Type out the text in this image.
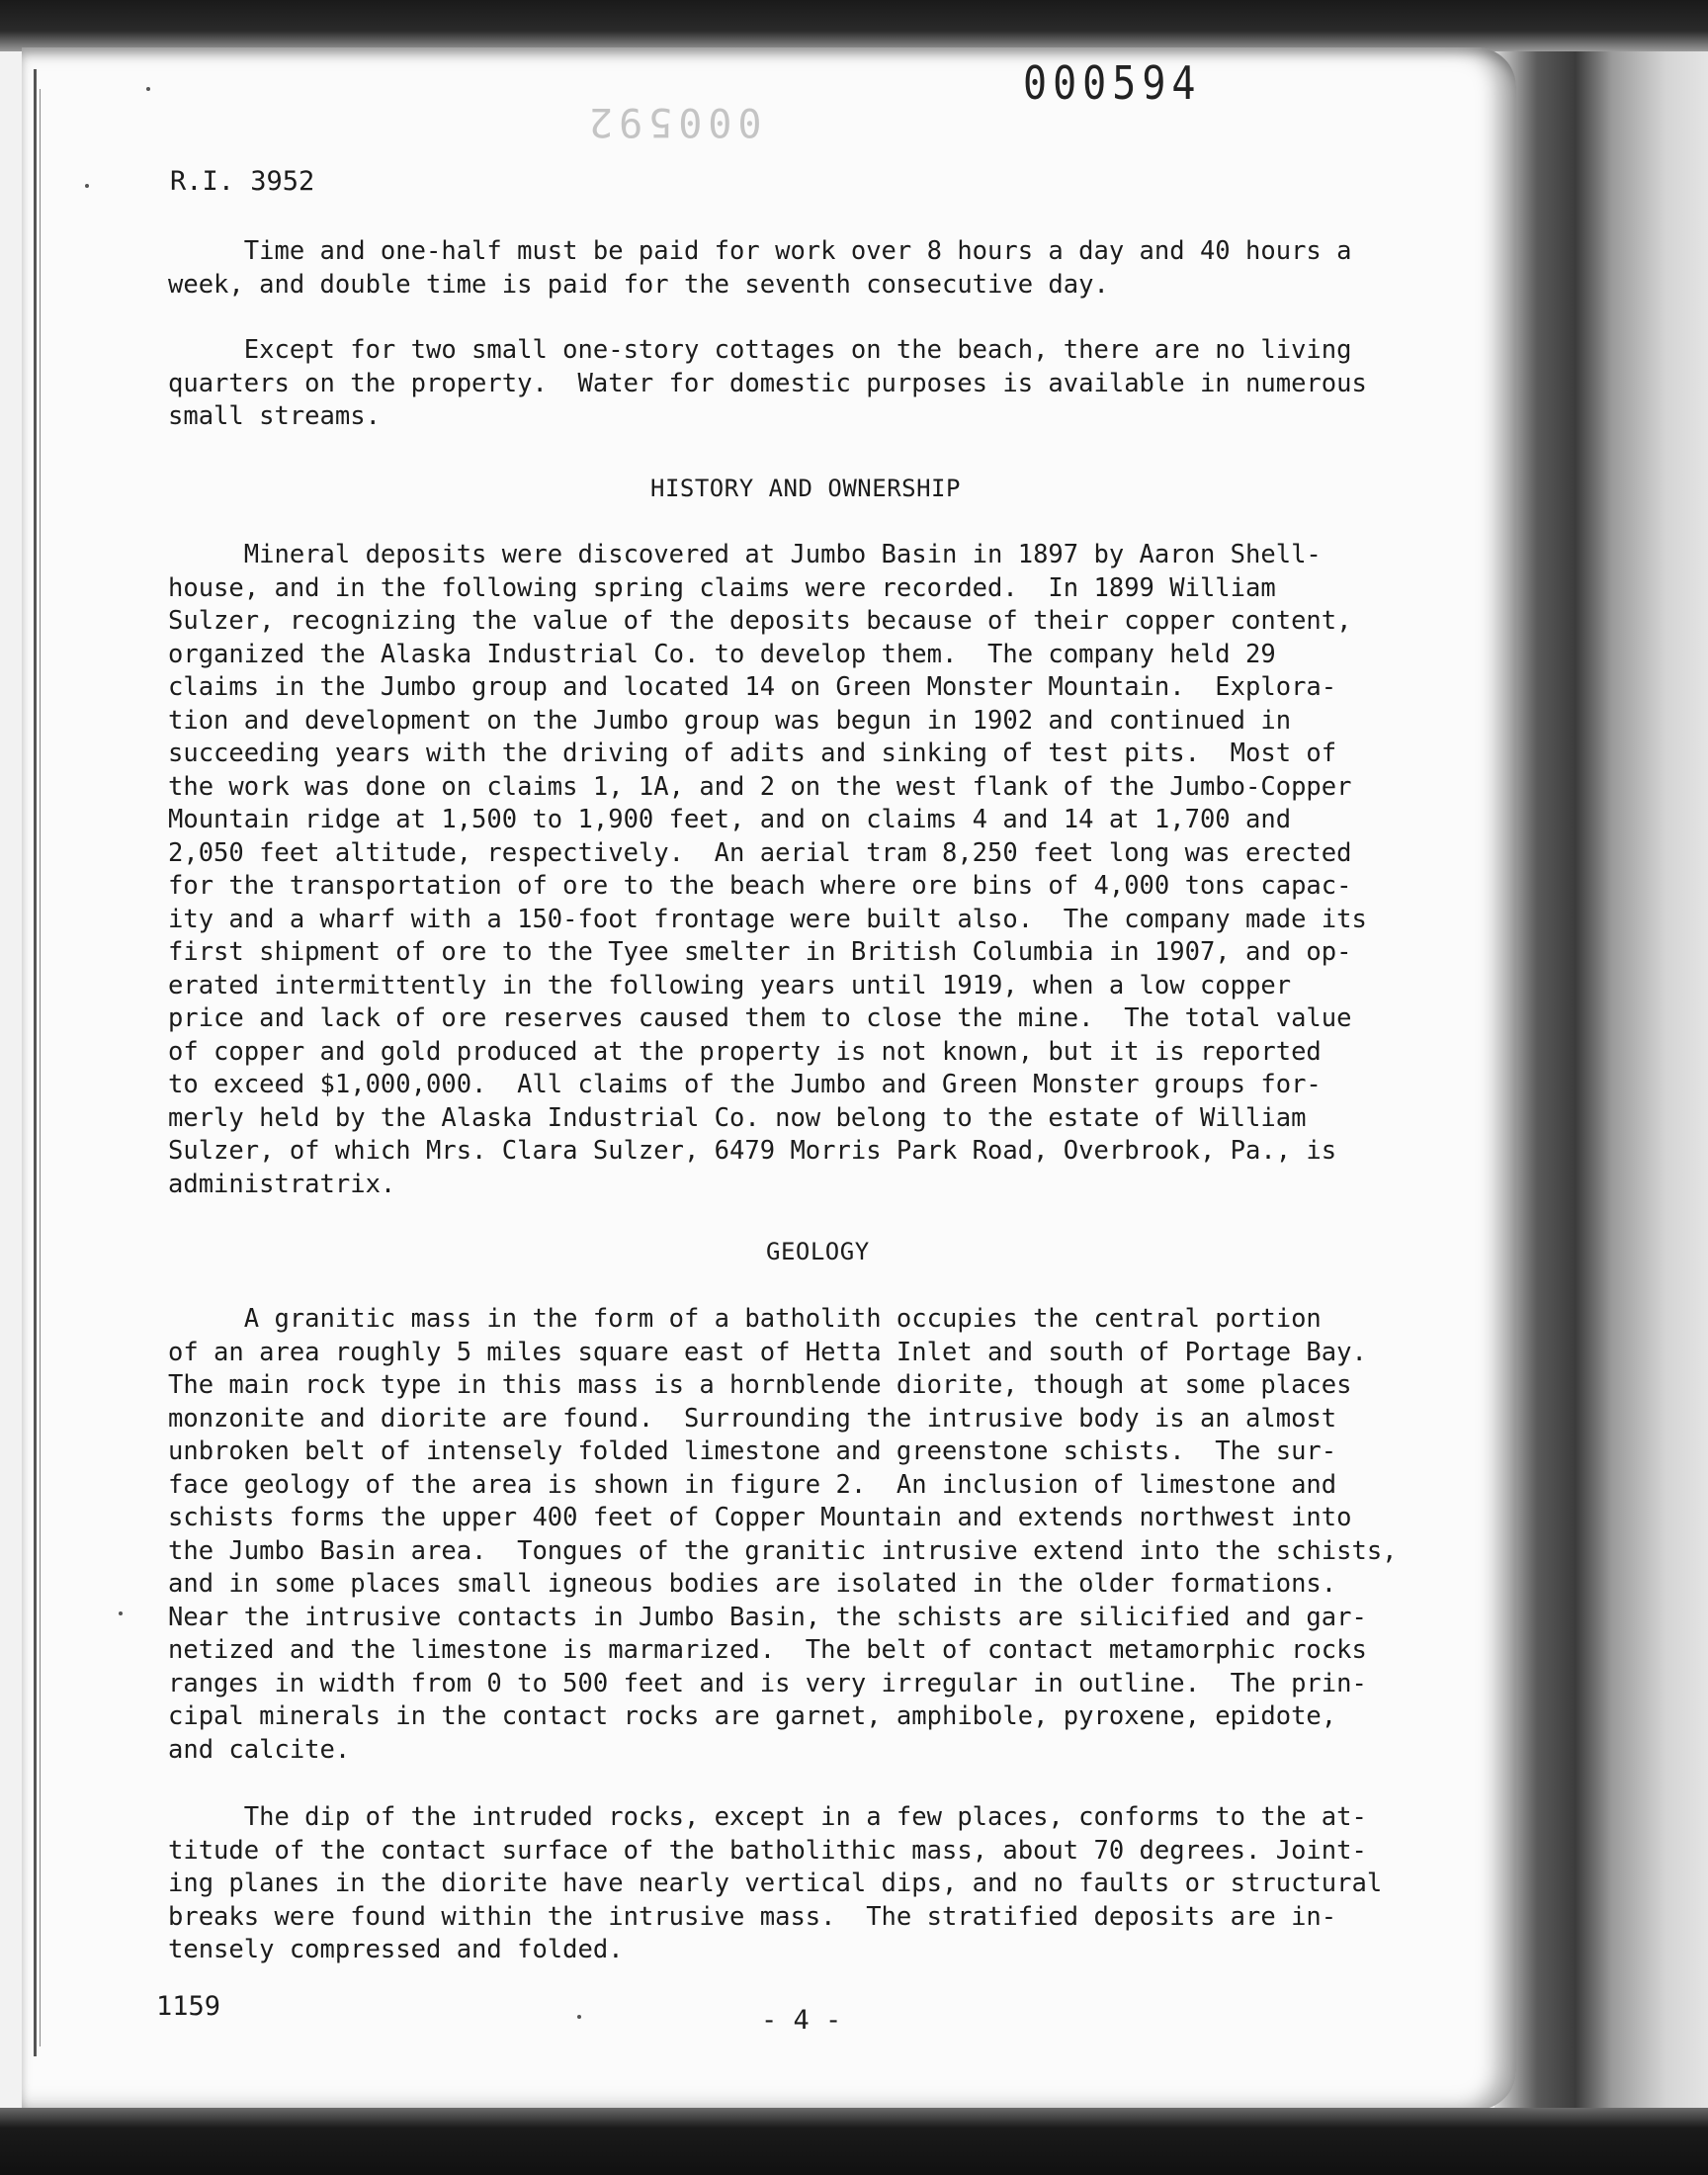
000592
000594
R.I. 3952
Time and one-half must be paid for work over 8 hours a day and 40 hours a
week, and double time is paid for the seventh consecutive day.
Except for two small one-story cottages on the beach, there are no living
quarters on the property.  Water for domestic purposes is available in numerous
small streams.
HISTORY AND OWNERSHIP
Mineral deposits were discovered at Jumbo Basin in 1897 by Aaron Shell-
house, and in the following spring claims were recorded.  In 1899 William
Sulzer, recognizing the value of the deposits because of their copper content,
organized the Alaska Industrial Co. to develop them.  The company held 29
claims in the Jumbo group and located 14 on Green Monster Mountain.  Explora-
tion and development on the Jumbo group was begun in 1902 and continued in
succeeding years with the driving of adits and sinking of test pits.  Most of
the work was done on claims 1, 1A, and 2 on the west flank of the Jumbo-Copper
Mountain ridge at 1,500 to 1,900 feet, and on claims 4 and 14 at 1,700 and
2,050 feet altitude, respectively.  An aerial tram 8,250 feet long was erected
for the transportation of ore to the beach where ore bins of 4,000 tons capac-
ity and a wharf with a 150-foot frontage were built also.  The company made its
first shipment of ore to the Tyee smelter in British Columbia in 1907, and op-
erated intermittently in the following years until 1919, when a low copper
price and lack of ore reserves caused them to close the mine.  The total value
of copper and gold produced at the property is not known, but it is reported
to exceed $1,000,000.  All claims of the Jumbo and Green Monster groups for-
merly held by the Alaska Industrial Co. now belong to the estate of William
Sulzer, of which Mrs. Clara Sulzer, 6479 Morris Park Road, Overbrook, Pa., is
administratrix.
GEOLOGY
A granitic mass in the form of a batholith occupies the central portion
of an area roughly 5 miles square east of Hetta Inlet and south of Portage Bay.
The main rock type in this mass is a hornblende diorite, though at some places
monzonite and diorite are found.  Surrounding the intrusive body is an almost
unbroken belt of intensely folded limestone and greenstone schists.  The sur-
face geology of the area is shown in figure 2.  An inclusion of limestone and
schists forms the upper 400 feet of Copper Mountain and extends northwest into
the Jumbo Basin area.  Tongues of the granitic intrusive extend into the schists,
and in some places small igneous bodies are isolated in the older formations.
Near the intrusive contacts in Jumbo Basin, the schists are silicified and gar-
netized and the limestone is marmarized.  The belt of contact metamorphic rocks
ranges in width from 0 to 500 feet and is very irregular in outline.  The prin-
cipal minerals in the contact rocks are garnet, amphibole, pyroxene, epidote,
and calcite.
The dip of the intruded rocks, except in a few places, conforms to the at-
titude of the contact surface of the batholithic mass, about 70 degrees. Joint-
ing planes in the diorite have nearly vertical dips, and no faults or structural
breaks were found within the intrusive mass.  The stratified deposits are in-
tensely compressed and folded.
1159	- 4 -
